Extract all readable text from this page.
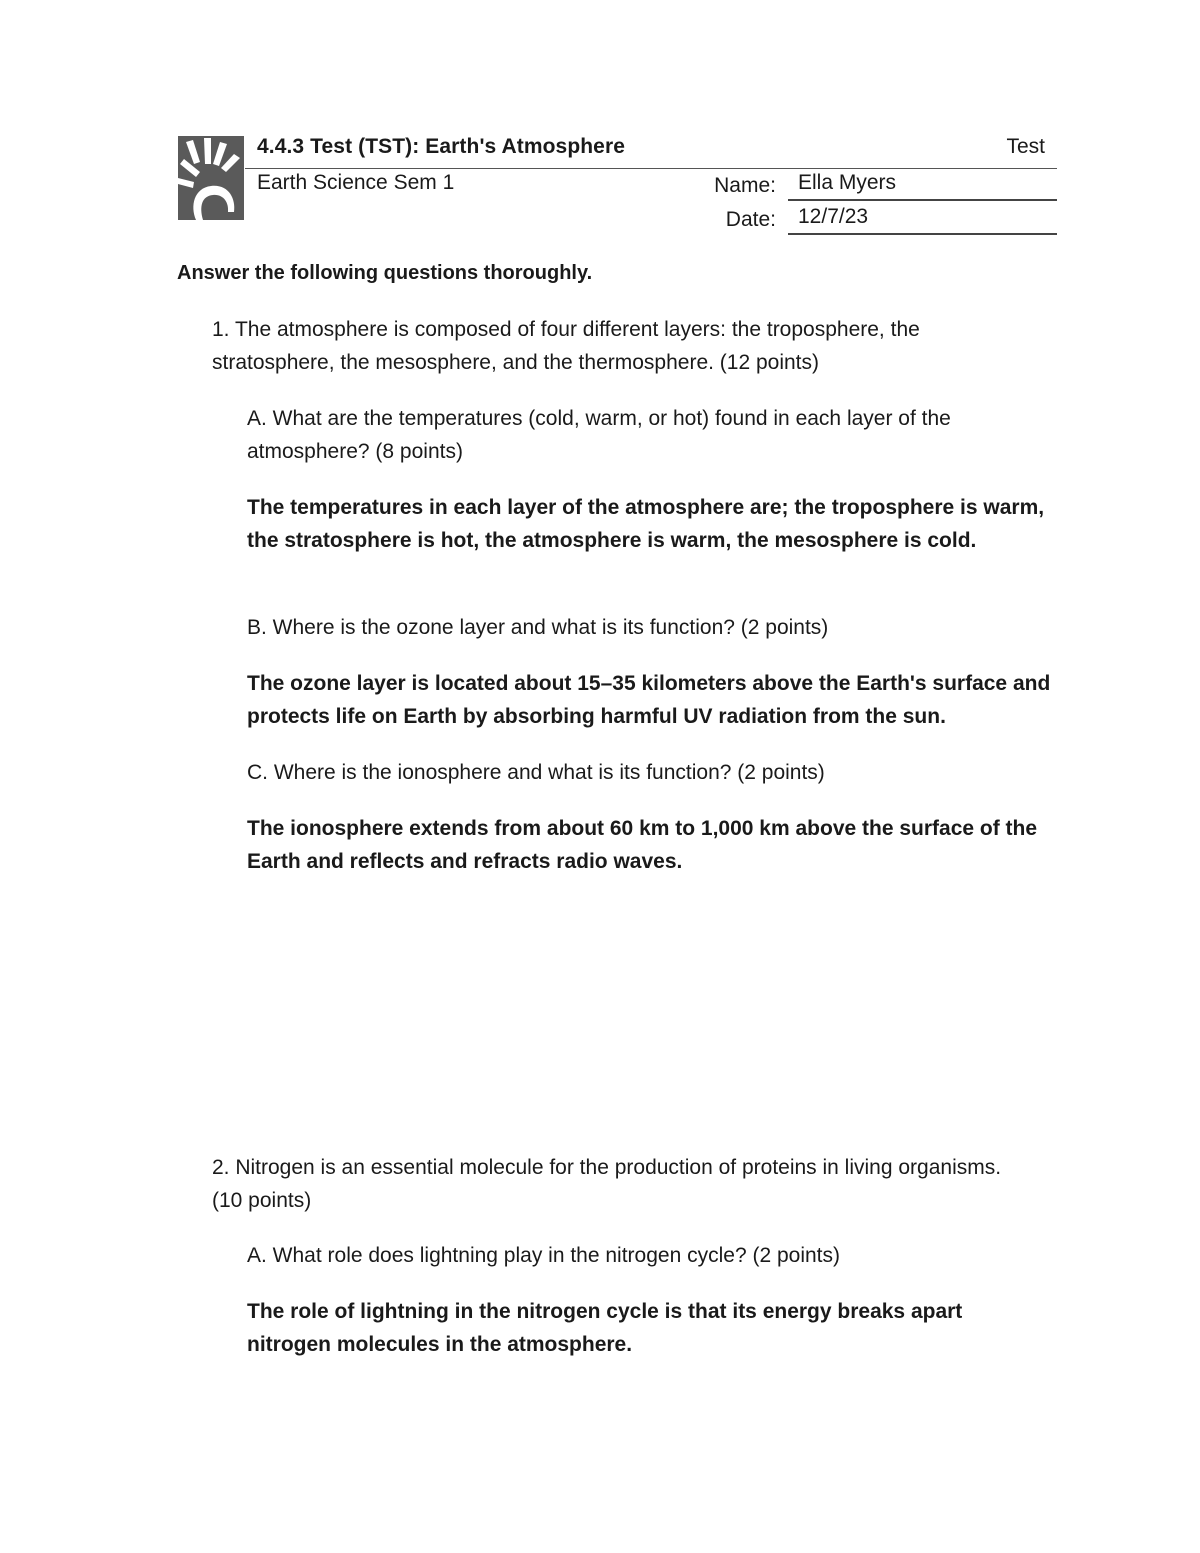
4.4.3 Test (TST): Earth's Atmosphere	Test
Earth Science Sem 1	Name:	Ella Myers
Date:	12/7/23
Answer the following questions thoroughly.
1. The atmosphere is composed of four different layers: the troposphere, the stratosphere, the mesosphere, and the thermosphere. (12 points)
A. What are the temperatures (cold, warm, or hot) found in each layer of the atmosphere? (8 points)
The temperatures in each layer of the atmosphere are; the troposphere is warm, the stratosphere is hot, the atmosphere is warm, the mesosphere is cold.
B. Where is the ozone layer and what is its function? (2 points)
The ozone layer is located about 15–35 kilometers above the Earth's surface and protects life on Earth by absorbing harmful UV radiation from the sun.
C. Where is the ionosphere and what is its function? (2 points)
The ionosphere extends from about 60 km to 1,000 km above the surface of the Earth and reflects and refracts radio waves.
2. Nitrogen is an essential molecule for the production of proteins in living organisms. (10 points)
A. What role does lightning play in the nitrogen cycle? (2 points)
The role of lightning in the nitrogen cycle is that its energy breaks apart nitrogen molecules in the atmosphere.
